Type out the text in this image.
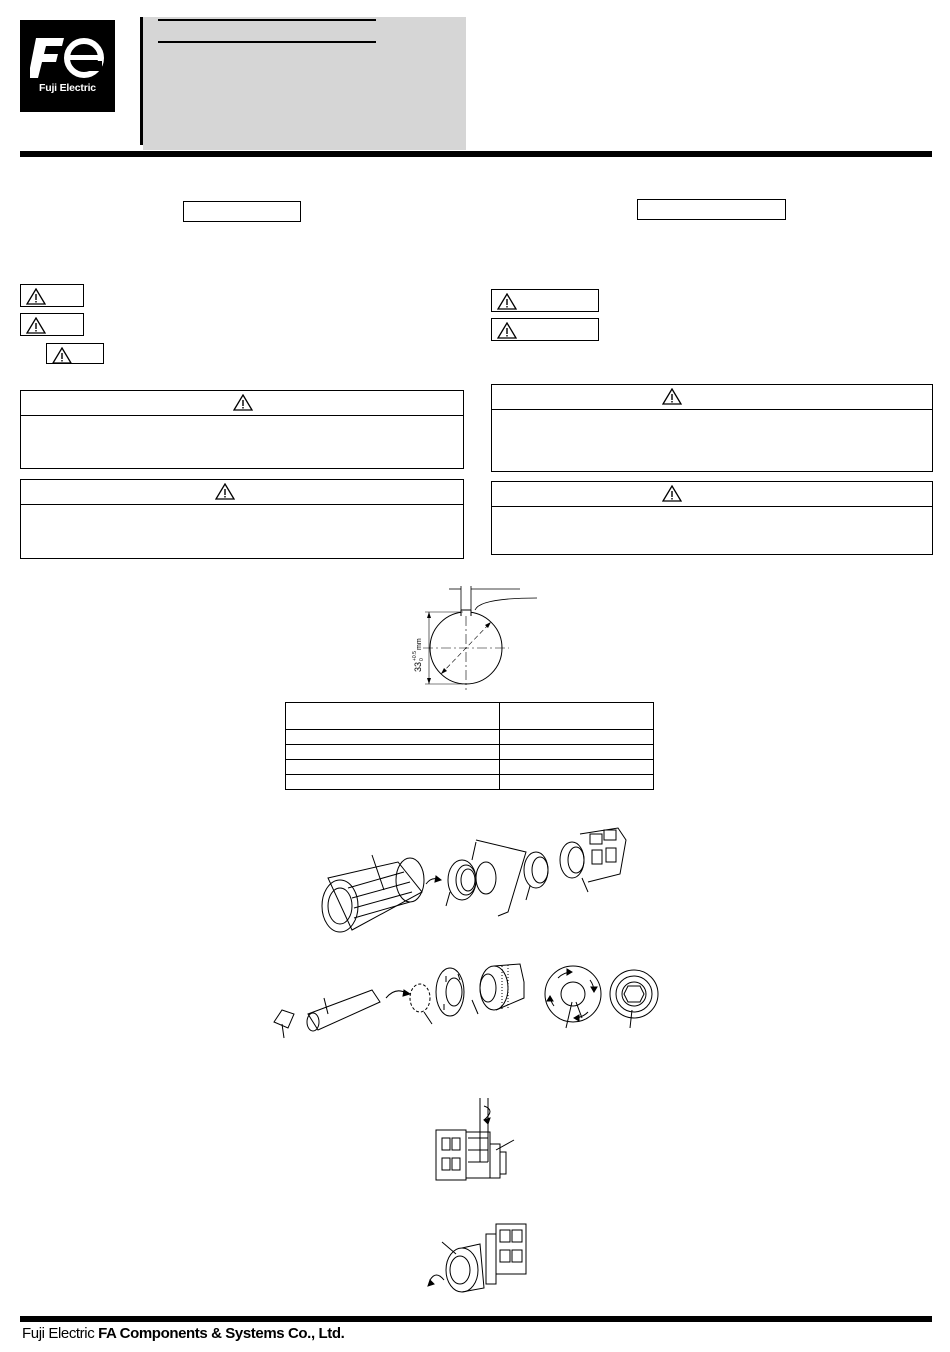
Fuji Electric
33
+0.5 0
mm

Fuji Electric FA Components & Systems Co., Ltd.
